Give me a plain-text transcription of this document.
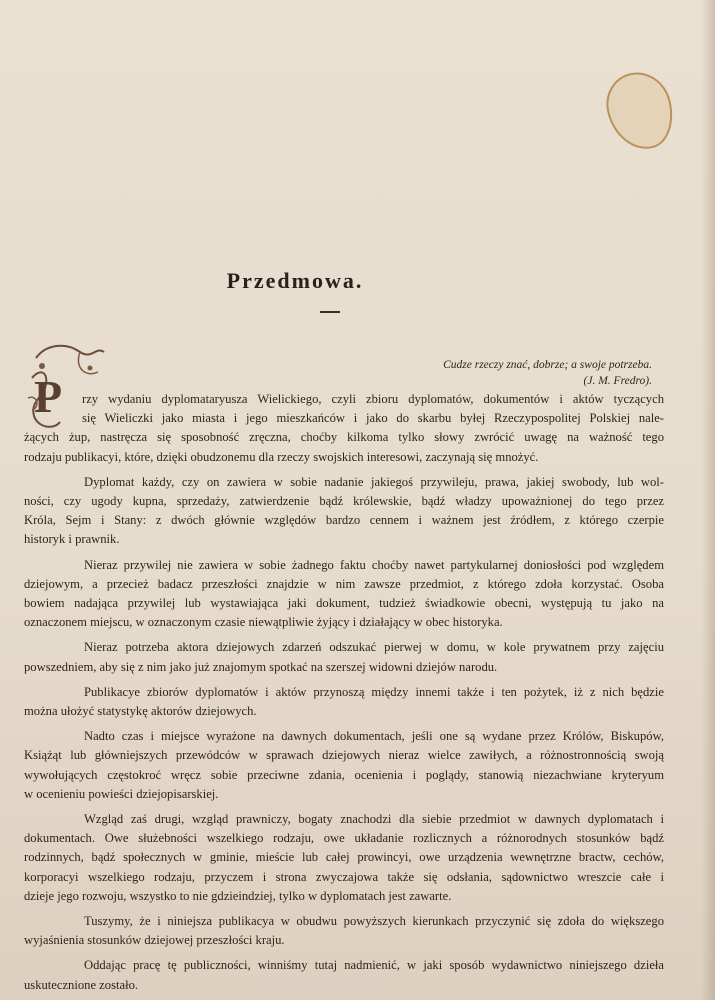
Przedmowa.
Cudze rzeczy znać, dobrze; a swoje potrzeba.
(J. M. Fredro).
P	rzy wydaniu dyplomataryusza Wielickiego, czyli zbioru dyplomatów, dokumentów i aktów tyczących
się Wieliczki jako miasta i jego mieszkańców i jako do skarbu byłej Rzeczypospolitej Polskiej nale-
żących żup, nastręcza się sposobność zręczna, choćby kilkoma tylko słowy zwrócić uwagę na ważność tego
rodzaju publikacyi, które, dzięki obudzonemu dla rzeczy swojskich interesowi, zaczynają się mnożyć.
Dyplomat każdy, czy on zawiera w sobie nadanie jakiegoś przywileju, prawa, jakiej swobody, lub wol-
ności, czy ugody kupna, sprzedaży, zatwierdzenie bądź królewskie, bądź władzy upoważnionej do tego przez
Króla, Sejm i Stany: z dwóch głównie względów bardzo cennem i ważnem jest źródłem, z którego czerpie
historyk i prawnik.
Nieraz przywilej nie zawiera w sobie żadnego faktu choćby nawet partykularnej doniosłości pod względem
dziejowym, a przecież badacz przeszłości znajdzie w nim zawsze przedmiot, z którego zdoła korzystać. Osoba
bowiem nadająca przywilej lub wystawiająca jaki dokument, tudzież świadkowie obecni, występują tu jako na
oznaczonem miejscu, w oznaczonym czasie niewątpliwie żyjący i działający w obec historyka.
Nieraz potrzeba aktora dziejowych zdarzeń odszukać pierwej w domu, w kole prywatnem przy zajęciu
powszedniem, aby się z nim jako już znajomym spotkać na szerszej widowni dziejów narodu.
Publikacye zbiorów dyplomatów i aktów przynoszą między innemi także i ten pożytek, iż z nich będzie
można ułożyć statystykę aktorów dziejowych.
Nadto czas i miejsce wyrażone na dawnych dokumentach, jeśli one są wydane przez Królów, Biskupów,
Książąt lub główniejszych przewódców w sprawach dziejowych nieraz wielce zawiłych, a różnostronnością swoją
wywołujących częstokroć wręcz sobie przeciwne zdania, ocenienia i poglądy, stanowią niezachwiane kryteryum
w ocenieniu powieści dziejopisarskiej.
Wzgląd zaś drugi, wzgląd prawniczy, bogaty znachodzi dla siebie przedmiot w dawnych dyplomatach i
dokumentach. Owe służebności wszelkiego rodzaju, owe układanie rozlicznych a różnorodnych stosunków bądź
rodzinnych, bądź społecznych w gminie, mieście lub całej prowincyi, owe urządzenia wewnętrzne bractw, cechów,
korporacyi wszelkiego rodzaju, przyczem i strona zwyczajowa także się odsłania, sądownictwo wreszcie całe i
dzieje jego rozwoju, wszystko to nie gdzieindziej, tylko w dyplomatach jest zawarte.
Tuszymy, że i niniejsza publikacya w obudwu powyższych kierunkach przyczynić się zdoła do większego
wyjaśnienia stosunków dziejowej przeszłości kraju.
Oddając pracę tę publiczności, winniśmy tutaj nadmienić, w jaki sposób wydawnictwo niniejszego dzieła
uskutecznione zostało.
